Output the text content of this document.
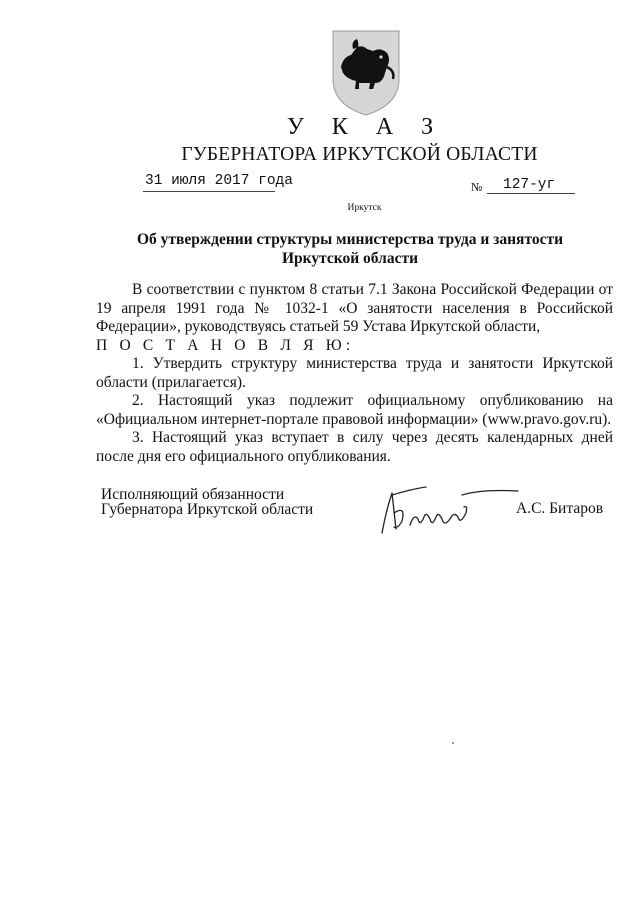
У К А З
ГУБЕРНАТОРА ИРКУТСКОЙ ОБЛАСТИ
31 июля 2017 года	№ 127-уг
Иркутск
Об утверждении структуры министерства труда и занятости
Иркутской области

В соответствии с пунктом 8 статьи 7.1 Закона Российской Федерации от 19 апреля 1991 года № 1032-1 «О занятости населения в Российской Федерации», руководствуясь статьей 59 Устава Иркутской области,

П О С Т А Н О В Л Я Ю:

1. Утвердить структуру министерства труда и занятости Иркутской области (прилагается).

2. Настоящий указ подлежит официальному опубликованию на «Официальном интернет-портале правовой информации» (www.pravo.gov.ru).

3. Настоящий указ вступает в силу через десять календарных дней после дня его официального опубликования.

Исполняющий обязанности
Губернатора Иркутской области	А.С. Битаров
